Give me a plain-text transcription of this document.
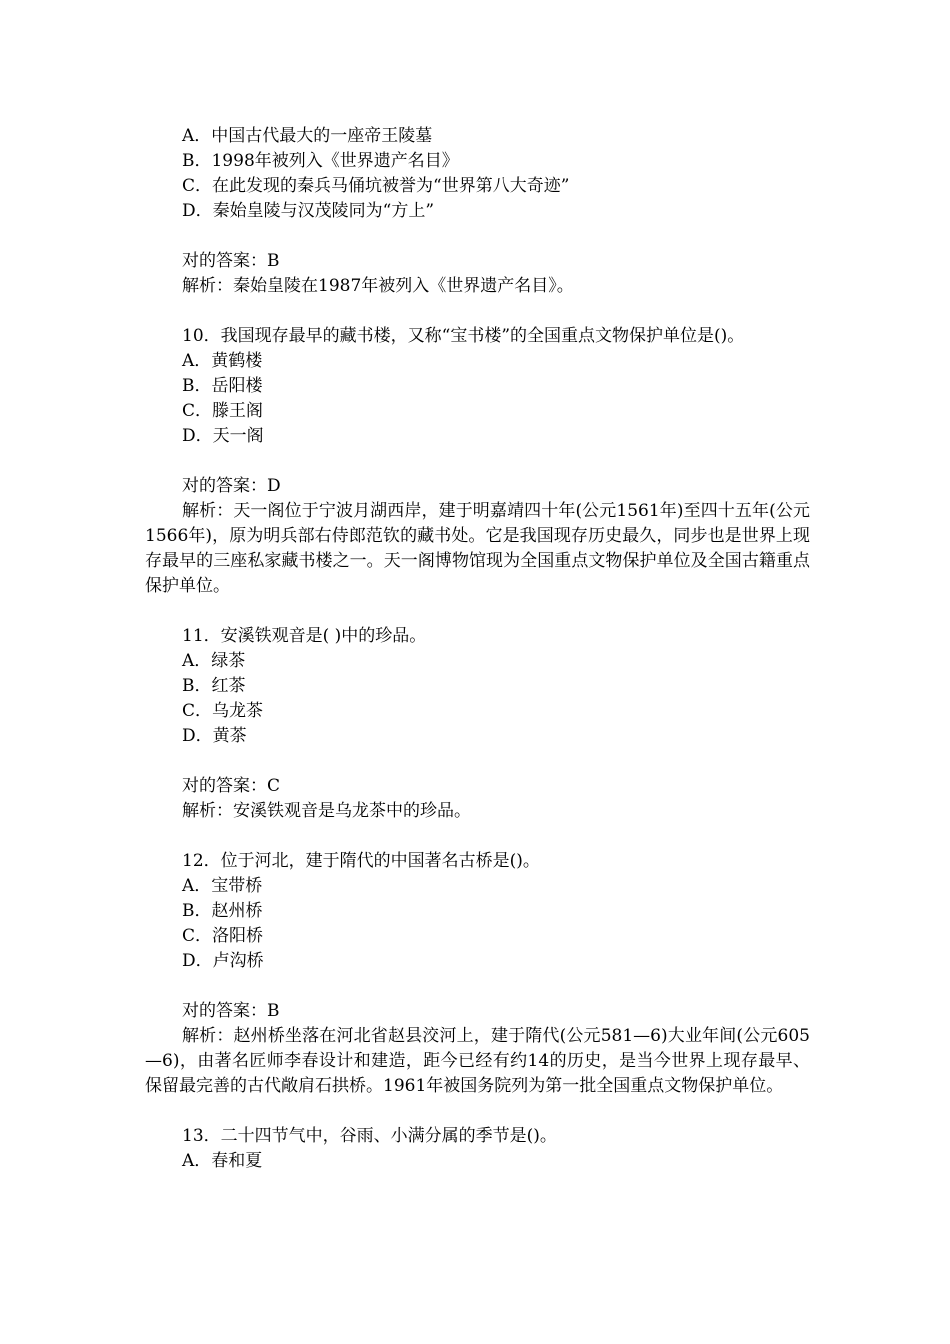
A．中国古代最大的一座帝王陵墓
B．1998年被列入《世界遗产名目》
C．在此发现的秦兵马俑坑被誉为“世界第八大奇迹”
D．秦始皇陵与汉茂陵同为“方上”
对的答案：B
解析：秦始皇陵在1987年被列入《世界遗产名目》。
10．我国现存最早的藏书楼，又称“宝书楼”的全国重点文物保护单位是()。
A．黄鹤楼
B．岳阳楼
C．滕王阁
D．天一阁
对的答案：D
解析：天一阁位于宁波月湖西岸，建于明嘉靖四十年(公元1561年)至四十五年(公元1566年)，原为明兵部右侍郎范钦的藏书处。它是我国现存历史最久，同步也是世界上现存最早的三座私家藏书楼之一。天一阁博物馆现为全国重点文物保护单位及全国古籍重点保护单位。
11．安溪铁观音是( )中的珍品。
A．绿茶
B．红茶
C．乌龙茶
D．黄茶
对的答案：C
解析：安溪铁观音是乌龙茶中的珍品。
12．位于河北，建于隋代的中国著名古桥是()。
A．宝带桥
B．赵州桥
C．洛阳桥
D．卢沟桥
对的答案：B
解析：赵州桥坐落在河北省赵县洨河上，建于隋代(公元581—6)大业年间(公元605—6)，由著名匠师李春设计和建造，距今已经有约14的历史，是当今世界上现存最早、保留最完善的古代敞肩石拱桥。1961年被国务院列为第一批全国重点文物保护单位。
13．二十四节气中，谷雨、小满分属的季节是()。
A．春和夏
